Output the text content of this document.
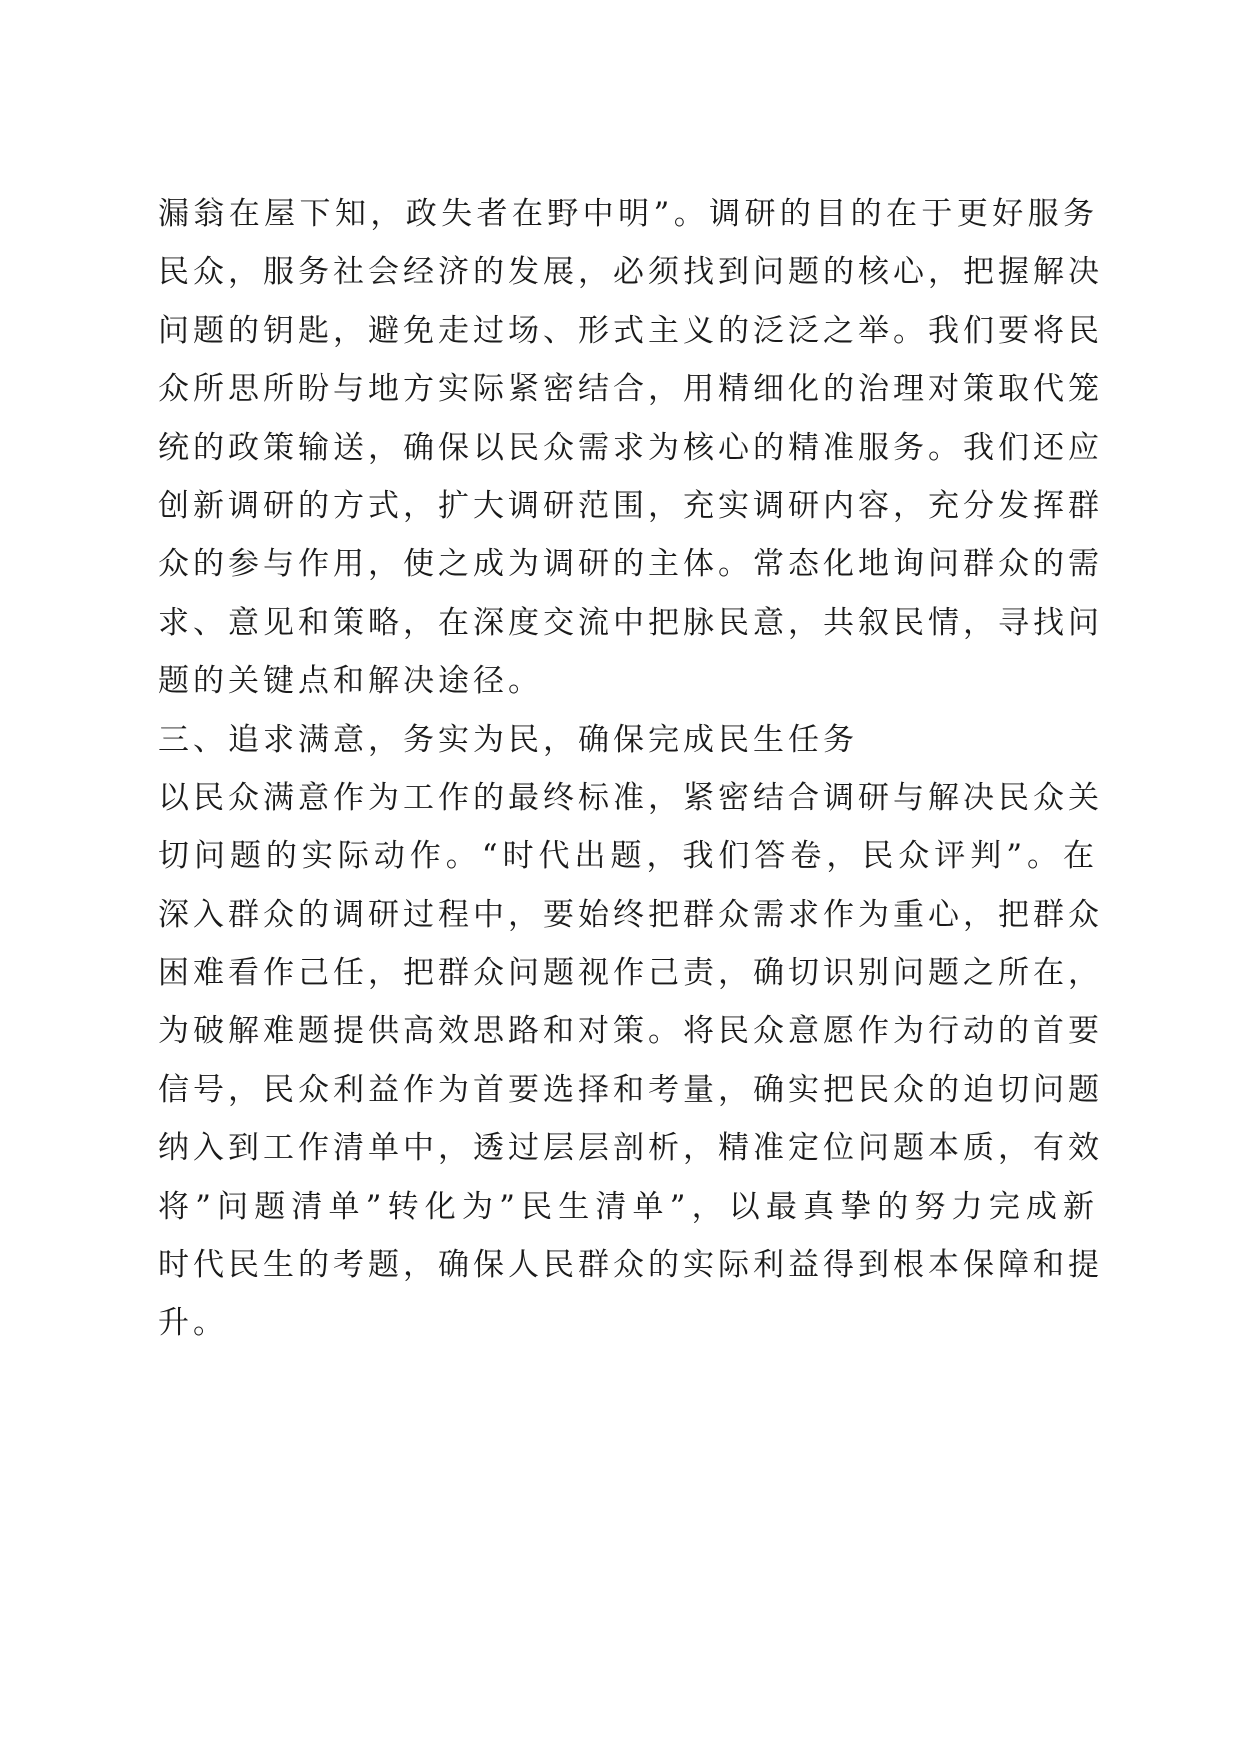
漏翁在屋下知，政失者在野中明”。调研的目的在于更好服务
民众，服务社会经济的发展，必须找到问题的核心，把握解决
问题的钥匙，避免走过场、形式主义的泛泛之举。我们要将民
众所思所盼与地方实际紧密结合，用精细化的治理对策取代笼
统的政策输送，确保以民众需求为核心的精准服务。我们还应
创新调研的方式，扩大调研范围，充实调研内容，充分发挥群
众的参与作用，使之成为调研的主体。常态化地询问群众的需
求、意见和策略，在深度交流中把脉民意，共叙民情，寻找问
题的关键点和解决途径。
三、追求满意，务实为民，确保完成民生任务
以民众满意作为工作的最终标准，紧密结合调研与解决民众关
切问题的实际动作。“时代出题，我们答卷，民众评判”。在
深入群众的调研过程中，要始终把群众需求作为重心，把群众
困难看作己任，把群众问题视作己责，确切识别问题之所在，
为破解难题提供高效思路和对策。将民众意愿作为行动的首要
信号，民众利益作为首要选择和考量，确实把民众的迫切问题
纳入到工作清单中，透过层层剖析，精准定位问题本质，有效
将”问题清单”转化为”民生清单”，以最真挚的努力完成新
时代民生的考题，确保人民群众的实际利益得到根本保障和提
升。
